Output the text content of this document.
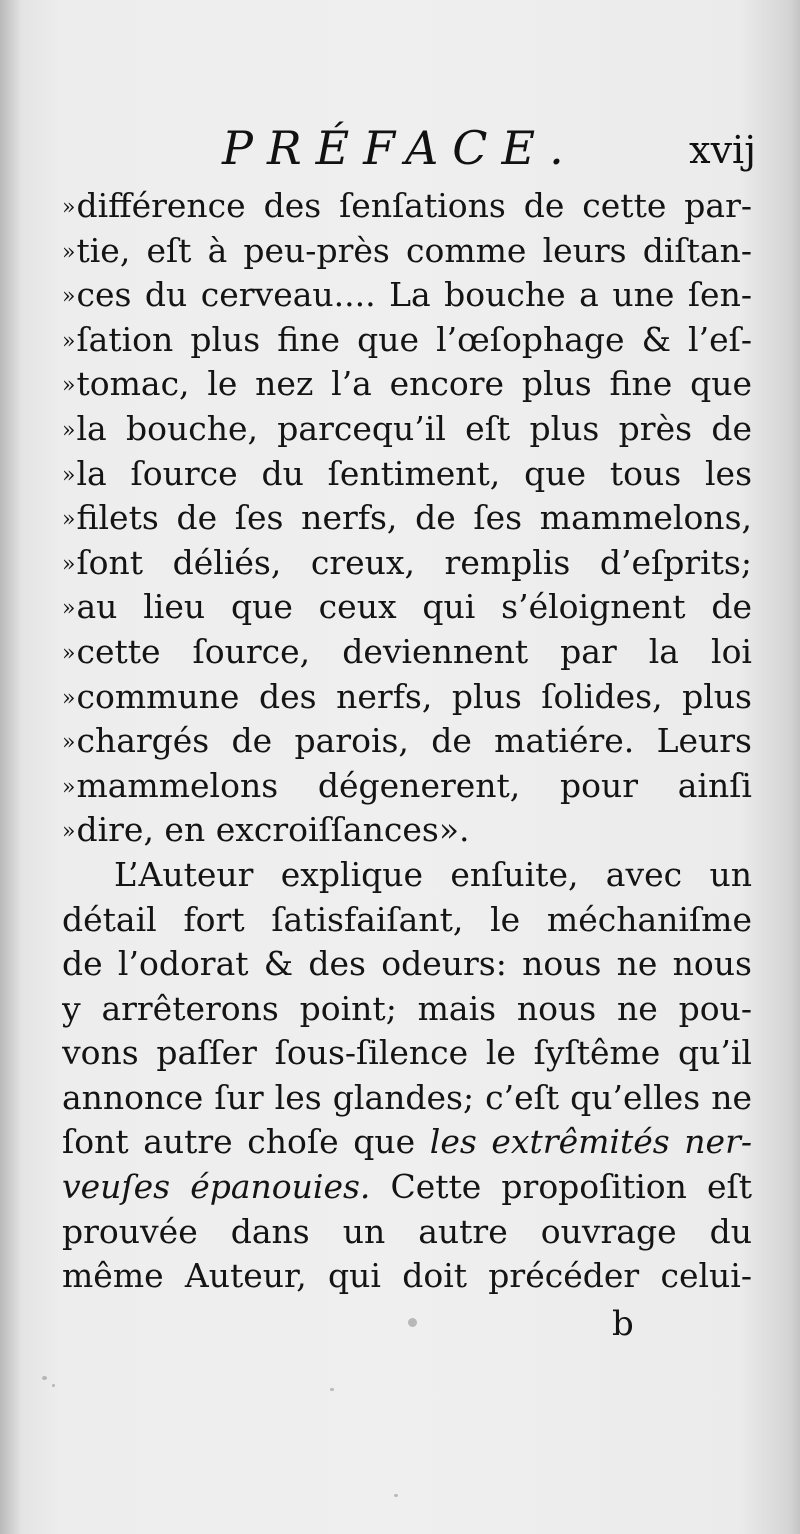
PRÉFACE.	xvij
»différence des ſenſations de cette par-
»tie, eſt à peu-près comme leurs diſtan-
»ces du cerveau.... La bouche a une ſen-
»ſation plus fine que l’œſophage & l’eſ-
»tomac, le nez l’a encore plus fine que
»la bouche, parcequ’il eſt plus près de
»la ſource du ſentiment, que tous les
»filets de ſes nerfs, de ſes mammelons,
»ſont déliés, creux, remplis d’eſprits;
»au lieu que ceux qui s’éloignent de
»cette ſource, deviennent par la loi
»commune des nerfs, plus ſolides, plus
»chargés de parois, de matiére. Leurs
»mammelons dégenerent, pour ainſi
»dire, en excroiſſances».
L’Auteur explique enſuite, avec un
détail fort ſatisfaiſant, le méchaniſme
de l’odorat & des odeurs: nous ne nous
y arrêterons point; mais nous ne pou-
vons paſſer ſous-ſilence le ſyſtême qu’il
annonce ſur les glandes; c’eſt qu’elles ne
ſont autre choſe que les extrêmités ner-
veuſes épanouies. Cette propoſition eſt
prouvée dans un autre ouvrage du
même Auteur, qui doit précéder celui-
b
